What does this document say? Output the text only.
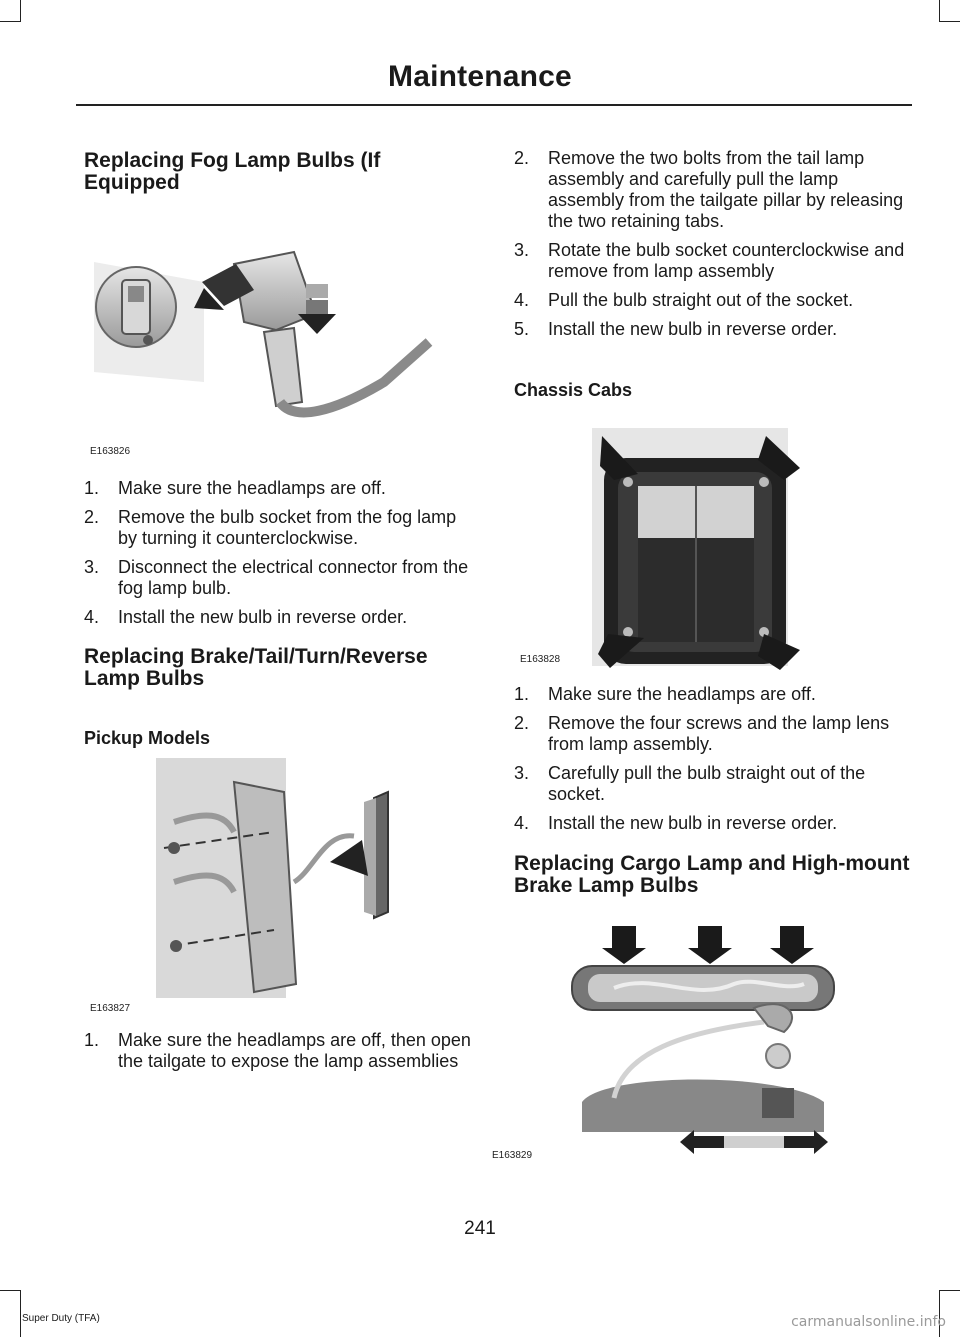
Maintenance
Replacing Fog Lamp Bulbs (If Equipped
E163826
1. Make sure the headlamps are off.
2. Remove the bulb socket from the fog lamp by turning it counterclockwise.
3. Disconnect the electrical connector from the fog lamp bulb.
4. Install the new bulb in reverse order.
Replacing Brake/Tail/Turn/Reverse Lamp Bulbs
Pickup Models
E163827
1. Make sure the headlamps are off, then open the tailgate to expose the lamp assemblies
2. Remove the two bolts from the tail lamp assembly and carefully pull the lamp assembly from the tailgate pillar by releasing the two retaining tabs.
3. Rotate the bulb socket counterclockwise and remove from lamp assembly
4. Pull the bulb straight out of the socket.
5. Install the new bulb in reverse order.
Chassis Cabs
E163828
1. Make sure the headlamps are off.
2. Remove the four screws and the lamp lens from lamp assembly.
3. Carefully pull the bulb straight out of the socket.
4. Install the new bulb in reverse order.
Replacing Cargo Lamp and High-mount Brake Lamp Bulbs
E163829
241
Super Duty (TFA)	carmanualsonline.info
